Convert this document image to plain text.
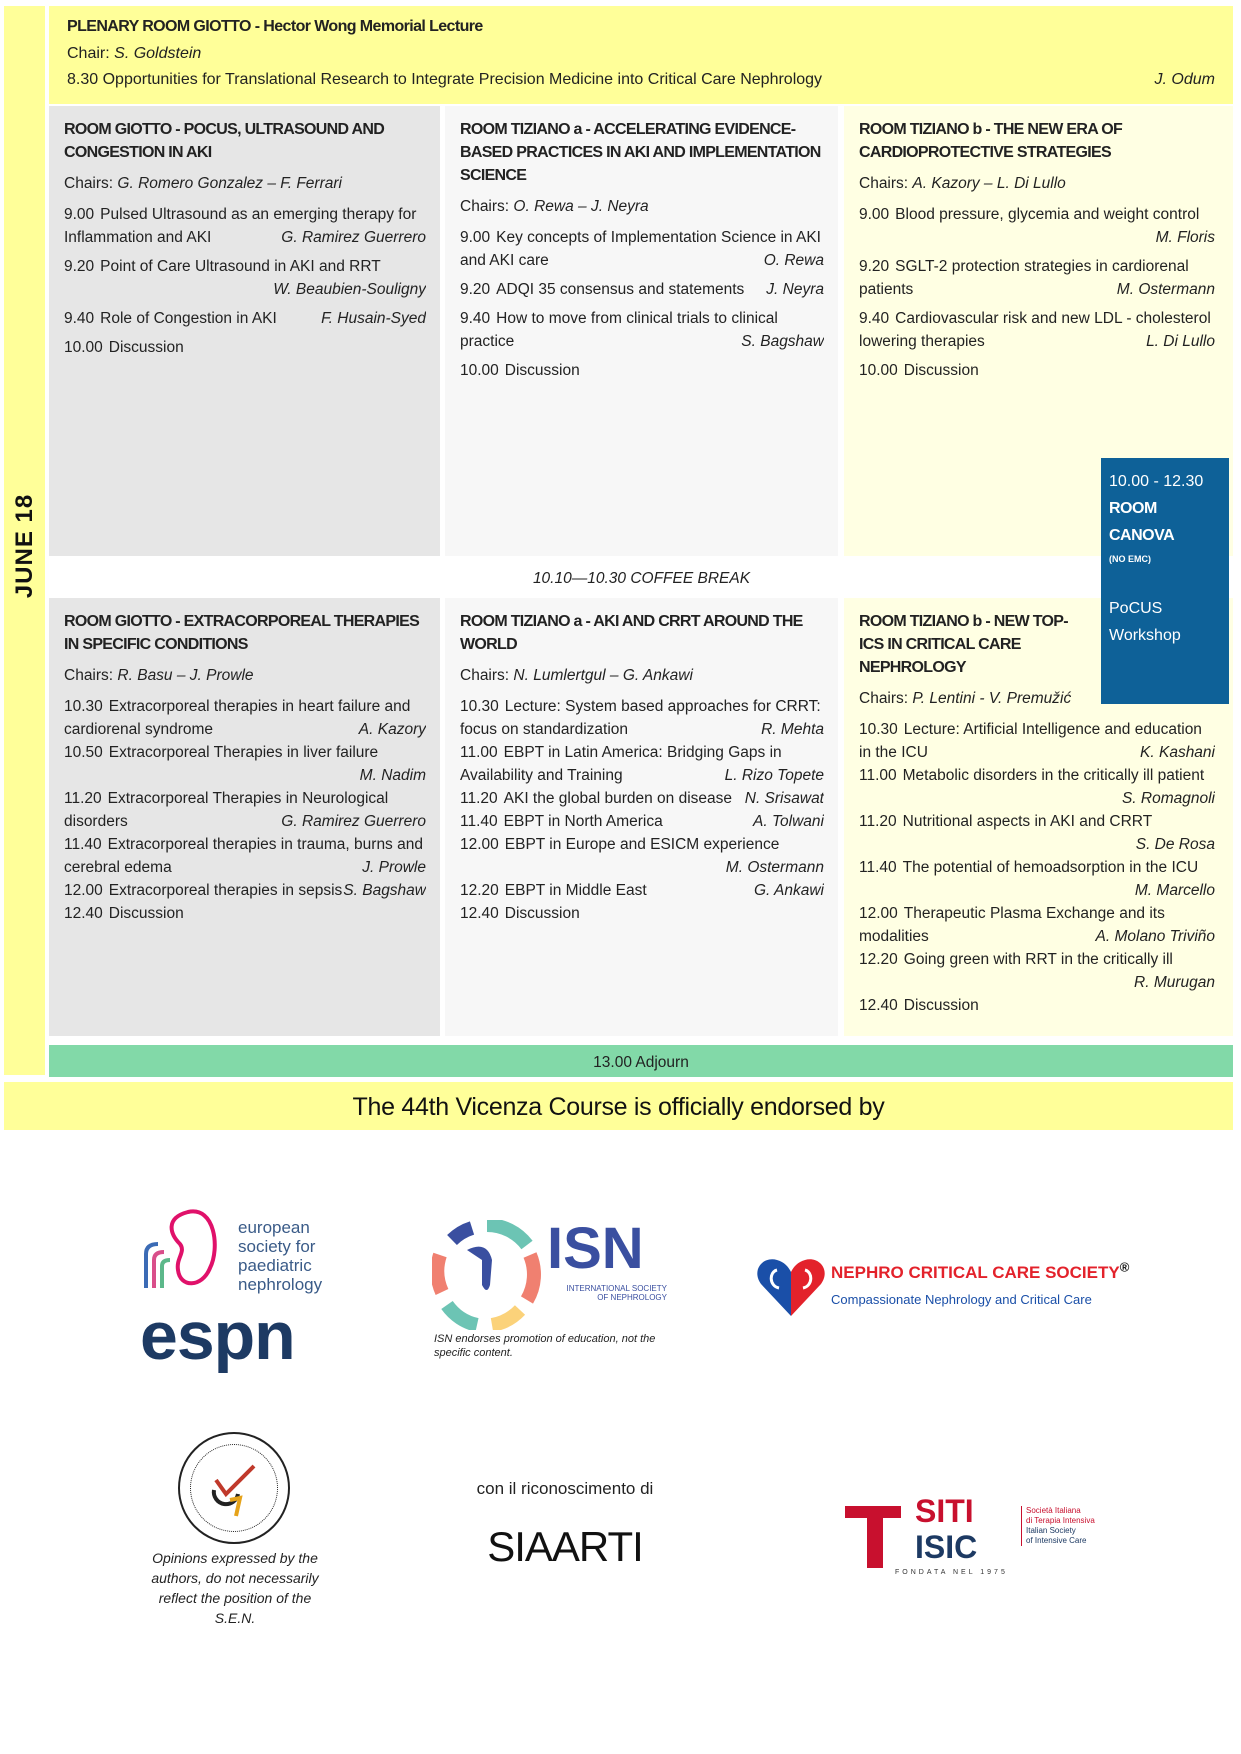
JUNE 18
PLENARY ROOM GIOTTO - Hector Wong Memorial Lecture
Chair: S. Goldstein
8.30 Opportunities for Translational Research to Integrate Precision Medicine into Critical Care Nephrology	J. Odum
ROOM GIOTTO - POCUS, ULTRASOUND AND CONGESTION IN AKI
Chairs: G. Romero Gonzalez – F. Ferrari
9.00 Pulsed Ultrasound as an emerging therapy for Inflammation and AKI	G. Ramirez Guerrero
9.20 Point of Care Ultrasound in AKI and RRT
W. Beaubien-Souligny
9.40 Role of Congestion in AKI	F. Husain-Syed
10.00 Discussion
ROOM TIZIANO a - ACCELERATING EVIDENCE-BASED PRACTICES IN AKI AND IMPLEMENTATION SCIENCE
Chairs: O. Rewa – J. Neyra
9.00 Key concepts of Implementation Science in AKI and AKI care	O. Rewa
9.20 ADQI 35 consensus and statements J. Neyra
9.40 How to move from clinical trials to clinical practice	S. Bagshaw
10.00 Discussion
ROOM TIZIANO b - THE NEW ERA OF CARDIOPROTECTIVE STRATEGIES
Chairs: A. Kazory – L. Di Lullo
9.00 Blood pressure, glycemia and weight control
M. Floris
9.20 SGLT-2 protection strategies in cardiorenal patients	M. Ostermann
9.40 Cardiovascular risk and new LDL - cholesterol lowering therapies	L. Di Lullo
10.00 Discussion
10.10—10.30 COFFEE BREAK
ROOM GIOTTO - EXTRACORPOREAL THERAPIES IN SPECIFIC CONDITIONS
Chairs: R. Basu – J. Prowle
10.30 Extracorporeal therapies in heart failure and cardiorenal syndrome	A. Kazory
10.50 Extracorporeal Therapies in liver failure
M. Nadim
11.20 Extracorporeal Therapies in Neurological disorders	G. Ramirez Guerrero
11.40 Extracorporeal therapies in trauma, burns and cerebral edema	J. Prowle
12.00 Extracorporeal therapies in sepsis S. Bagshaw
12.40 Discussion
ROOM TIZIANO a - AKI AND CRRT AROUND THE WORLD
Chairs: N. Lumlertgul – G. Ankawi
10.30 Lecture: System based approaches for CRRT: focus on standardization	R. Mehta
11.00 EBPT in Latin America: Bridging Gaps in Availability and Training	L. Rizo Topete
11.20 AKI the global burden on disease N. Srisawat
11.40 EBPT in North America	A. Tolwani
12.00 EBPT in Europe and ESICM experience
M. Ostermann
12.20 EBPT in Middle East	G. Ankawi
12.40 Discussion
ROOM TIZIANO b - NEW TOP-ICS IN CRITICAL CARE NEPHROLOGY
Chairs: P. Lentini - V. Premužić
10.30 Lecture: Artificial Intelligence and education in the ICU	K. Kashani
11.00 Metabolic disorders in the critically ill patient
S. Romagnoli
11.20 Nutritional aspects in AKI and CRRT
S. De Rosa
11.40 The potential of hemoadsorption in the ICU
M. Marcello
12.00 Therapeutic Plasma Exchange and its modalities	A. Molano Triviño
12.20 Going green with RRT in the critically ill
R. Murugan
12.40 Discussion
10.00 - 12.30
ROOM
CANOVA
(NO EMC)
PoCUS
Workshop
13.00 Adjourn
The 44th Vicenza Course is officially endorsed by
european
society for
paediatric
nephrology
espn
ISN
INTERNATIONAL SOCIETY
OF NEPHROLOGY
ISN endorses promotion of education, not the specific content.
NEPHRO CRITICAL CARE SOCIETY®
Compassionate Nephrology and Critical Care
Opinions expressed by the authors, do not necessarily reflect the position of the S.E.N.
con il riconoscimento di
SIAARTI
SITI
ISIC
FONDATA NEL 1975
Società Italiana
di Terapia Intensiva
Italian Society
of Intensive Care
